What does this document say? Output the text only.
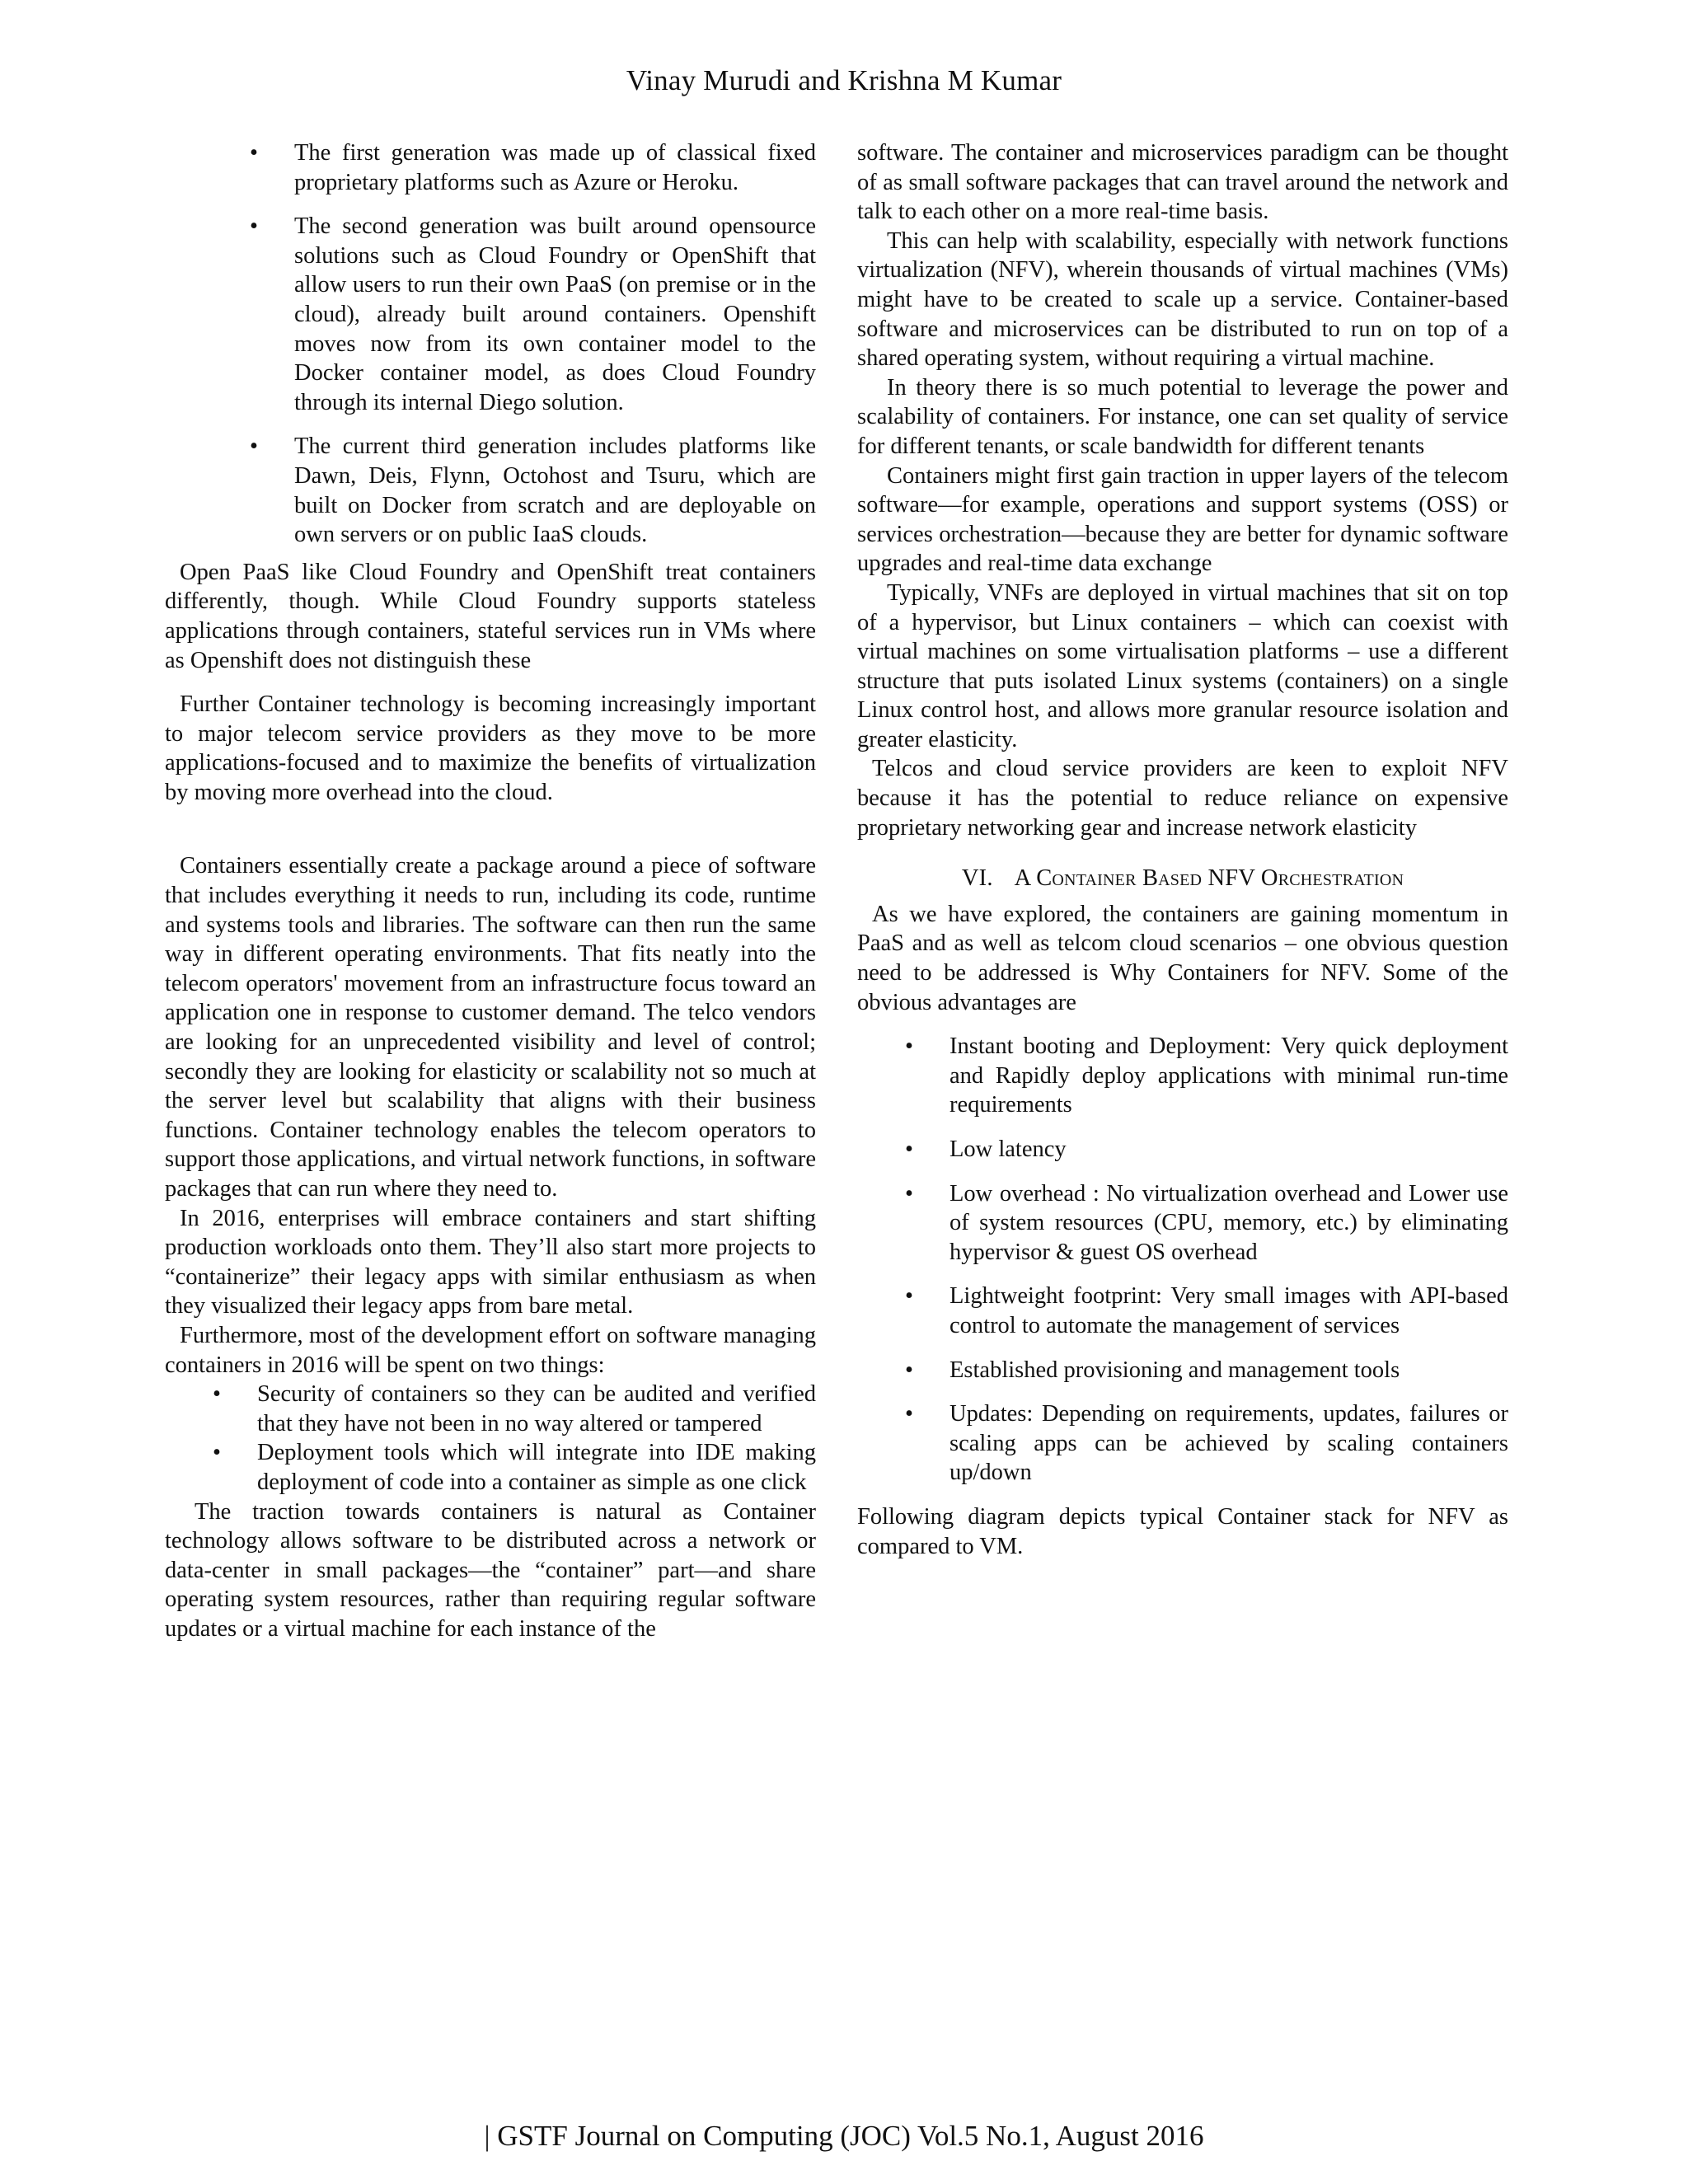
Vinay Murudi and Krishna M Kumar
• The first generation was made up of classical fixed proprietary platforms such as Azure or Heroku.
• The second generation was built around opensource solutions such as Cloud Foundry or OpenShift that allow users to run their own PaaS (on premise or in the cloud), already built around containers. Openshift moves now from its own container model to the Docker container model, as does Cloud Foundry through its internal Diego solution.
• The current third generation includes platforms like Dawn, Deis, Flynn, Octohost and Tsuru, which are built on Docker from scratch and are deployable on own servers or on public IaaS clouds.

Open PaaS like Cloud Foundry and OpenShift treat containers differently, though. While Cloud Foundry supports stateless applications through containers, stateful services run in VMs where as Openshift does not distinguish these

Further Container technology is becoming increasingly important to major telecom service providers as they move to be more applications-focused and to maximize the benefits of virtualization by moving more overhead into the cloud.

Containers essentially create a package around a piece of software that includes everything it needs to run, including its code, runtime and systems tools and libraries. The software can then run the same way in different operating environments. That fits neatly into the telecom operators' movement from an infrastructure focus toward an application one in response to customer demand. The telco vendors are looking for an unprecedented visibility and level of control; secondly they are looking for elasticity or scalability not so much at the server level but scalability that aligns with their business functions. Container technology enables the telecom operators to support those applications, and virtual network functions, in software packages that can run where they need to.

In 2016, enterprises will embrace containers and start shifting production workloads onto them. They’ll also start more projects to “containerize” their legacy apps with similar enthusiasm as when they visualized their legacy apps from bare metal.

Furthermore, most of the development effort on software managing containers in 2016 will be spent on two things:

• Security of containers so they can be audited and verified that they have not been in no way altered or tampered
• Deployment tools which will integrate into IDE making deployment of code into a container as simple as one click

The traction towards containers is natural as Container technology allows software to be distributed across a network or data-center in small packages—the “container” part—and share operating system resources, rather than requiring regular software updates or a virtual machine for each instance of the

software. The container and microservices paradigm can be thought of as small software packages that can travel around the network and talk to each other on a more real-time basis.

This can help with scalability, especially with network functions virtualization (NFV), wherein thousands of virtual machines (VMs) might have to be created to scale up a service. Container-based software and microservices can be distributed to run on top of a shared operating system, without requiring a virtual machine.

In theory there is so much potential to leverage the power and scalability of containers. For instance, one can set quality of service for different tenants, or scale bandwidth for different tenants

Containers might first gain traction in upper layers of the telecom software—for example, operations and support systems (OSS) or services orchestration—because they are better for dynamic software upgrades and real-time data exchange

Typically, VNFs are deployed in virtual machines that sit on top of a hypervisor, but Linux containers – which can coexist with virtual machines on some virtualisation platforms – use a different structure that puts isolated Linux systems (containers) on a single Linux control host, and allows more granular resource isolation and greater elasticity.

Telcos and cloud service providers are keen to exploit NFV because it has the potential to reduce reliance on expensive proprietary networking gear and increase network elasticity

VI. A Container Based NFV Orchestration

As we have explored, the containers are gaining momentum in PaaS and as well as telcom cloud scenarios – one obvious question need to be addressed is Why Containers for NFV. Some of the obvious advantages are

• Instant booting and Deployment: Very quick deployment and Rapidly deploy applications with minimal run-time requirements
• Low latency
• Low overhead : No virtualization overhead and Lower use of system resources (CPU, memory, etc.) by eliminating hypervisor & guest OS overhead
• Lightweight footprint: Very small images with API-based control to automate the management of services
• Established provisioning and management tools
• Updates: Depending on requirements, updates, failures or scaling apps can be achieved by scaling containers up/down

Following diagram depicts typical Container stack for NFV as compared to VM.

| GSTF Journal on Computing (JOC) Vol.5 No.1, August 2016
